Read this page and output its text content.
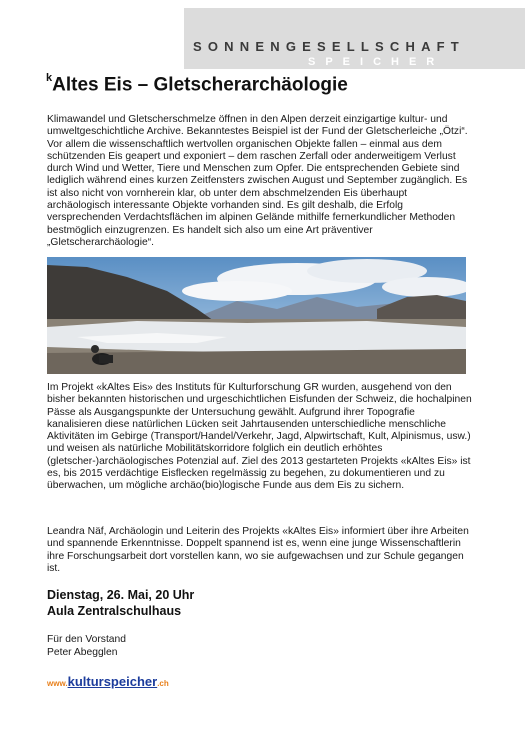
SONNENGESELLSCHAFT
SPEICHER
$^k$Altes Eis – Gletscherarchäologie

Klimawandel und Gletscherschmelze öffnen in den Alpen derzeit einzigartige kultur- und umweltgeschichtliche Archive. Bekanntestes Beispiel ist der Fund der Gletscherleiche „Ötzi“. Vor allem die wissenschaftlich wertvollen organischen Objekte fallen – einmal aus dem schützenden Eis geapert und exponiert – dem raschen Zerfall oder anderweitigem Verlust durch Wind und Wetter, Tiere und Menschen zum Opfer. Die entsprechenden Gebiete sind lediglich während eines kurzen Zeitfensters zwischen August und September zugänglich. Es ist also nicht von vornherein klar, ob unter dem abschmelzenden Eis überhaupt archäologisch interessante Objekte vorhanden sind. Es gilt deshalb, die Erfolg versprechenden Verdachtsflächen im alpinen Gelände mithilfe fernerkundlicher Methoden bestmöglich einzugrenzen. Es handelt sich also um eine Art präventiver „Gletscherarchäologie“.

Im Projekt «kAltes Eis» des Instituts für Kulturforschung GR wurden, ausgehend von den bisher bekannten historischen und urgeschichtlichen Eisfunden der Schweiz, die hochalpinen Pässe als Ausgangspunkte der Untersuchung gewählt. Aufgrund ihrer Topografie kanalisieren diese natürlichen Lücken seit Jahrtausenden unterschiedliche menschliche Aktivitäten im Gebirge (Transport/Handel/Verkehr, Jagd, Alpwirtschaft, Kult, Alpinismus, usw.) und weisen als natürliche Mobilitätskorridore folglich ein deutlich erhöhtes (gletscher-)archäologisches Potenzial auf. Ziel des 2013 gestarteten Projekts «kAltes Eis» ist es, bis 2015 verdächtige Eisflecken regelmässig zu begehen, zu dokumentieren und zu überwachen, um mögliche archäo(bio)logische Funde aus dem Eis zu sichern.

Leandra Näf, Archäologin und Leiterin des Projekts «kAltes Eis» informiert über ihre Arbeiten und spannende Erkenntnisse. Doppelt spannend ist es, wenn eine junge Wissenschaftlerin ihre Forschungsarbeit dort vorstellen kann, wo sie aufgewachsen und zur Schule gegangen ist.

Dienstag, 26. Mai, 20 Uhr

Aula Zentralschulhaus

Für den Vorstand

Peter Abegglen

www.kulturspeicher.ch
